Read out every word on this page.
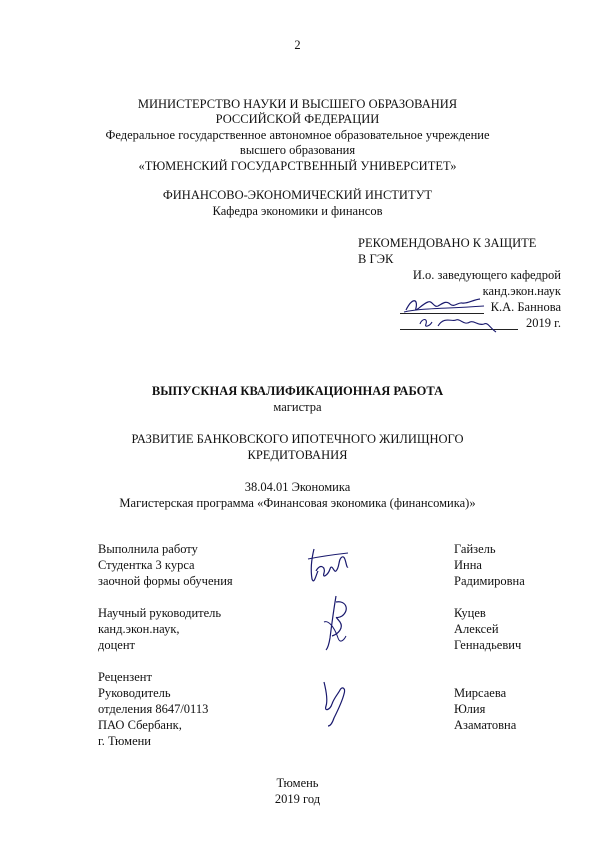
2
МИНИСТЕРСТВО НАУКИ И ВЫСШЕГО ОБРАЗОВАНИЯ
РОССИЙСКОЙ ФЕДЕРАЦИИ
Федеральное государственное автономное образовательное учреждение
высшего образования
«ТЮМЕНСКИЙ ГОСУДАРСТВЕННЫЙ УНИВЕРСИТЕТ»
ФИНАНСОВО-ЭКОНОМИЧЕСКИЙ ИНСТИТУТ
Кафедра экономики и финансов
РЕКОМЕНДОВАНО К ЗАЩИТЕ
В ГЭК
И.о. заведующего кафедрой
канд.экон.наук
К.А. Баннова
2019 г.
ВЫПУСКНАЯ КВАЛИФИКАЦИОННАЯ РАБОТА
магистра
РАЗВИТИЕ БАНКОВСКОГО ИПОТЕЧНОГО ЖИЛИЩНОГО
КРЕДИТОВАНИЯ
38.04.01 Экономика
Магистерская программа «Финансовая экономика (финансомика)»
Выполнила работу
Студентка 3 курса
заочной формы обучения
Гайзель
Инна
Радимировна
Научный руководитель
канд.экон.наук,
доцент
Куцев
Алексей
Геннадьевич
Рецензент
Руководитель
отделения 8647/0113
ПАО Сбербанк,
г. Тюмени
Мирсаева
Юлия
Азаматовна
Тюмень
2019 год
